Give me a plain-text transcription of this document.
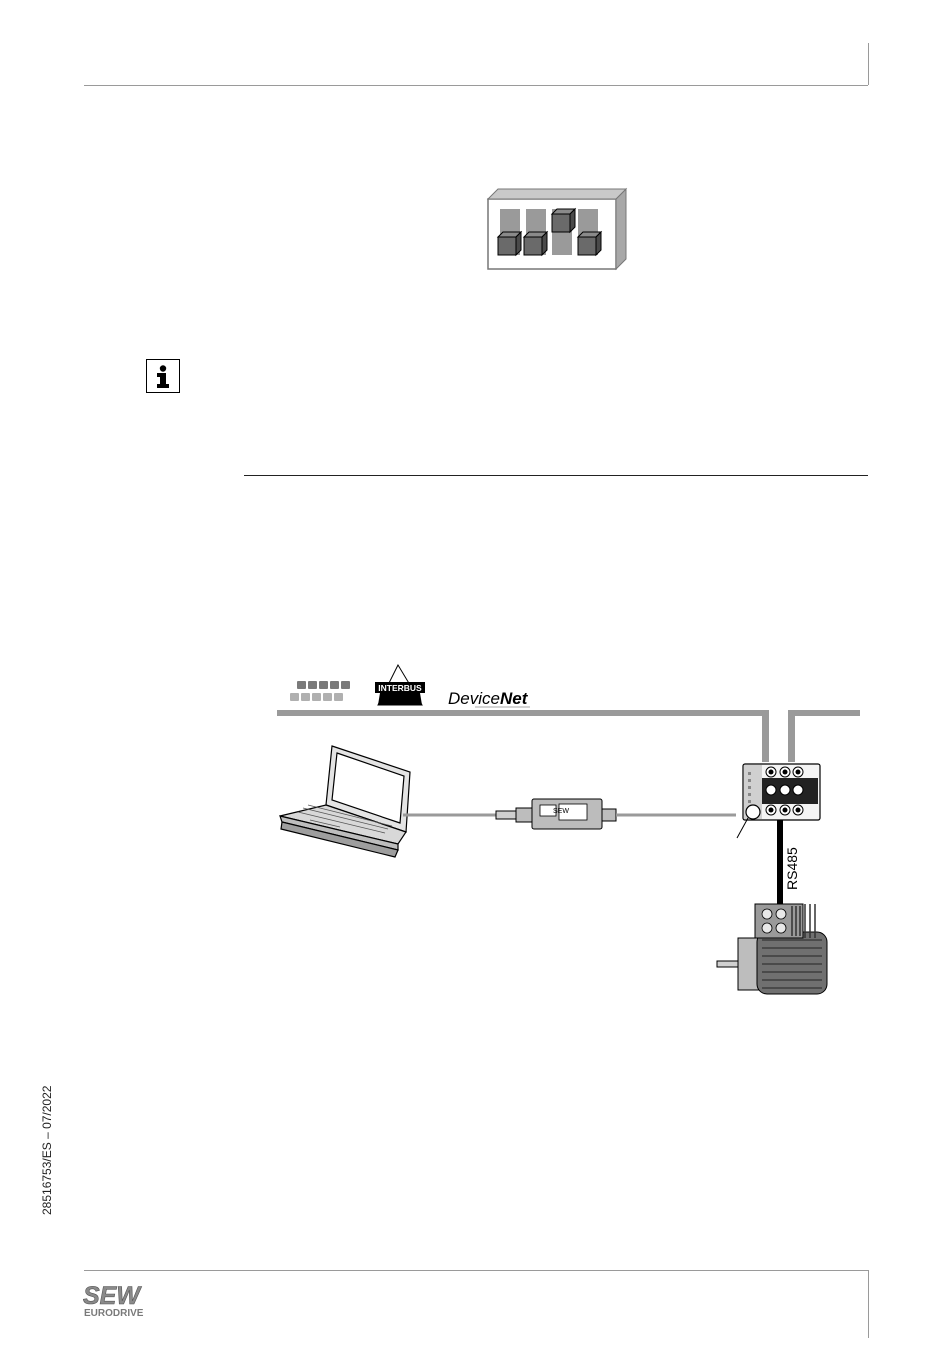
INTERBUS
DeviceNet
SEW
RS485
28516753/ES – 07/2022
SEW
EURODRIVE
